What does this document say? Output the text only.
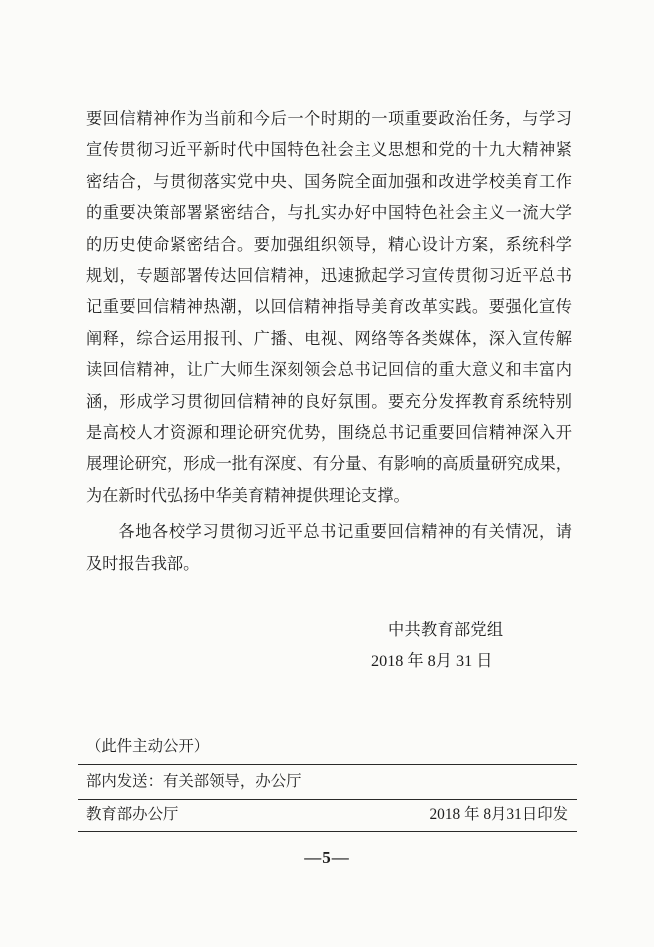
要回信精神作为当前和今后一个时期的一项重要政治任务，与学习
宣传贯彻习近平新时代中国特色社会主义思想和党的十九大精神紧
密结合，与贯彻落实党中央、国务院全面加强和改进学校美育工作
的重要决策部署紧密结合，与扎实办好中国特色社会主义一流大学
的历史使命紧密结合。要加强组织领导，精心设计方案，系统科学
规划，专题部署传达回信精神，迅速掀起学习宣传贯彻习近平总书
记重要回信精神热潮，以回信精神指导美育改革实践。要强化宣传
阐释，综合运用报刊、广播、电视、网络等各类媒体，深入宣传解
读回信精神，让广大师生深刻领会总书记回信的重大意义和丰富内
涵，形成学习贯彻回信精神的良好氛围。要充分发挥教育系统特别
是高校人才资源和理论研究优势，围绕总书记重要回信精神深入开
展理论研究，形成一批有深度、有分量、有影响的高质量研究成果，
为在新时代弘扬中华美育精神提供理论支撑。
各地各校学习贯彻习近平总书记重要回信精神的有关情况，请
及时报告我部。
中共教育部党组
2018 年 8月 31 日
（此件主动公开）
部内发送：有关部领导，办公厅
教育部办公厅	2018 年 8月31日印发
—5—
